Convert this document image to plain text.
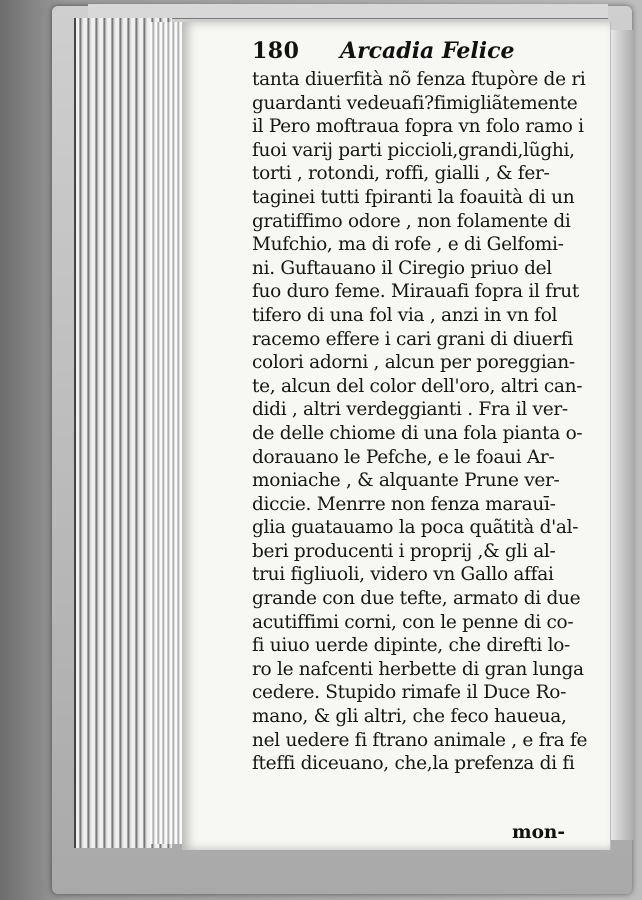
180 Arcadia Felice
tanta diuerfità nõ fenza ftupòre de ri
guardanti vedeuafi?fimigliãtemente
il Pero moftraua fopra vn folo ramo i
fuoi varij parti piccioli,grandi,lũghi,
torti , rotondi, roffi, gialli , & fer-
taginei tutti fpiranti la foauità di un
gratiffimo odore , non folamente di
Mufchio, ma di rofe , e di Gelfomi-
ni. Guftauano il Ciregio priuo del
fuo duro feme. Mirauafi fopra il frut
tifero di una fol via , anzi in vn fol
racemo effere i cari grani di diuerfi
colori adorni , alcun per poreggian-
te, alcun del color dell'oro, altri can-
didi , altri verdeggianti . Fra il ver-
de delle chiome di una fola pianta o-
dorauano le Pefche, e le foaui Ar-
moniache , & alquante Prune ver-
diccie. Menrre non fenza marauī-
glia guatauamo la poca quãtità d'al-
beri producenti i proprij ,& gli al-
trui figliuoli, videro vn Gallo affai
grande con due tefte, armato di due
acutiffimi corni, con le penne di co-
fi uiuo uerde dipinte, che direfti lo-
ro le nafcenti herbette di gran lunga
cedere. Stupido rimafe il Duce Ro-
mano, & gli altri, che feco haueua,
nel uedere fi ftrano animale , e fra fe
fteffi diceuano, che,la prefenza di fi
mon-
